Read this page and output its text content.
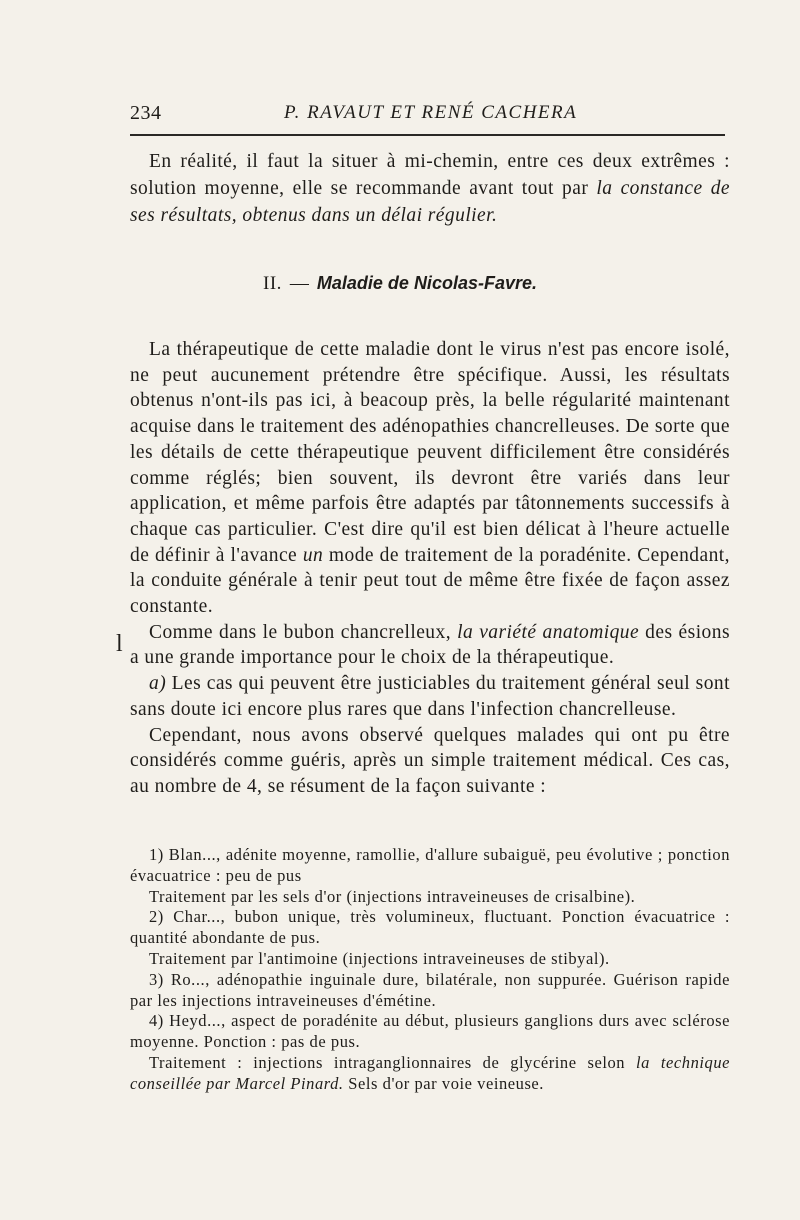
234	P. RAVAUT ET RENÉ CACHERA

En réalité, il faut la situer à mi-chemin, entre ces deux extrêmes : solution moyenne, elle se recommande avant tout par la constance de ses résultats, obtenus dans un délai régulier.

II. — Maladie de Nicolas-Favre.

La thérapeutique de cette maladie dont le virus n'est pas encore isolé, ne peut aucunement prétendre être spécifique. Aussi, les résultats obtenus n'ont-ils pas ici, à beacoup près, la belle régularité maintenant acquise dans le traitement des adénopathies chancrelleuses. De sorte que les détails de cette thérapeutique peuvent difficilement être considérés comme réglés; bien souvent, ils devront être variés dans leur application, et même parfois être adaptés par tâtonnements successifs à chaque cas particulier. C'est dire qu'il est bien délicat à l'heure actuelle de définir à l'avance un mode de traitement de la poradénite. Cependant, la conduite générale à tenir peut tout de même être fixée de façon assez constante.

Comme dans le bubon chancrelleux, la variété anatomique des ésions a une grande importance pour le choix de la thérapeutique.

a) Les cas qui peuvent être justiciables du traitement général seul sont sans doute ici encore plus rares que dans l'infection chancrelleuse.

Cependant, nous avons observé quelques malades qui ont pu être considérés comme guéris, après un simple traitement médical. Ces cas, au nombre de 4, se résument de la façon suivante :

l

1) Blan..., adénite moyenne, ramollie, d'allure subaiguë, peu évolutive ; ponction évacuatrice : peu de pus

Traitement par les sels d'or (injections intraveineuses de crisalbine).

2) Char..., bubon unique, très volumineux, fluctuant. Ponction évacuatrice : quantité abondante de pus.

Traitement par l'antimoine (injections intraveineuses de stibyal).

3) Ro..., adénopathie inguinale dure, bilatérale, non suppurée. Guérison rapide par les injections intraveineuses d'émétine.

4) Heyd..., aspect de poradénite au début, plusieurs ganglions durs avec sclérose moyenne. Ponction : pas de pus.

Traitement : injections intraganglionnaires de glycérine selon la technique conseillée par Marcel Pinard. Sels d'or par voie veineuse.
